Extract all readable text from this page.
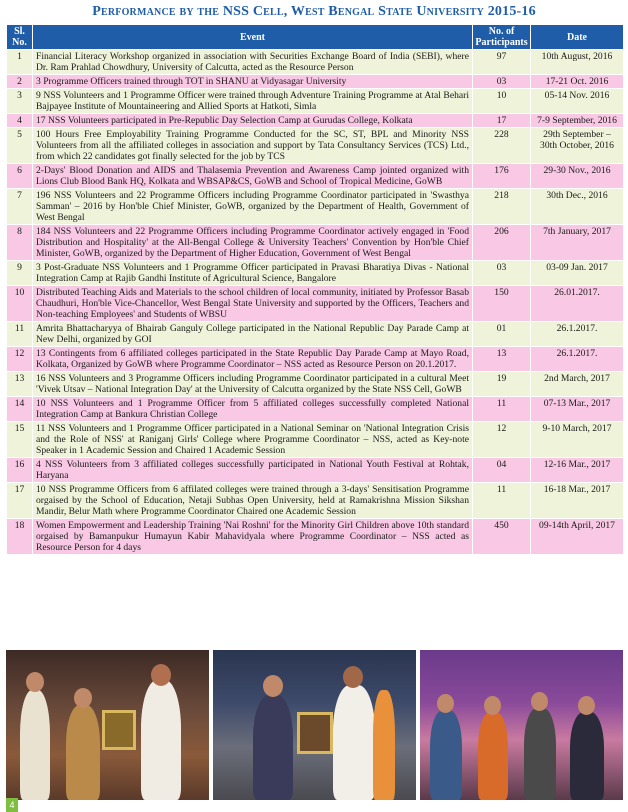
Performance by the NSS Cell, West Bengal State University 2015-16
Sl. No.	Event	No. of Participants	Date
1	Financial Literacy Workshop organized in association with Securities Exchange Board of India (SEBI), where Dr. Ram Prahlad Chowdhury, University of Calcutta, acted as the Resource Person	97	10th August, 2016
2	3 Programme Officers trained through TOT in SHANU at Vidyasagar University	03	17-21 Oct. 2016
3	9 NSS Volunteers and 1 Programme Officer were trained through Adventure Training Programme at Atal Behari Bajpayee Institute of Mountaineering and Allied Sports at Hatkoti, Simla	10	05-14 Nov. 2016
4	17 NSS Volunteers participated in Pre-Republic Day Selection Camp at Gurudas College, Kolkata	17	7-9 September, 2016
5	100 Hours Free Employability Training Programme Conducted for the SC, ST, BPL and Minority NSS Volunteers from all the affiliated colleges in association and support by Tata Consultancy Services (TCS) Ltd., from which 22 candidates got finally selected for the job by TCS	228	29th September – 30th October, 2016
6	2-Days' Blood Donation and AIDS and Thalasemia Prevention and Awareness Camp jointed organized with Lions Club Blood Bank HQ, Kolkata and WBSAP&CS, GoWB and School of Tropical Medicine, GoWB	176	29-30 Nov., 2016
7	196 NSS Volunteers and 22 Programme Officers including Programme Coordinator participated in 'Swasthya Samman' – 2016 by Hon'ble Chief Minister, GoWB, organized by the Department of Health, Government of West Bengal	218	30th Dec., 2016
8	184 NSS Volunteers and 22 Programme Officers including Programme Coordinator actively engaged in 'Food Distribution and Hospitality' at the All-Bengal College & University Teachers' Convention by Hon'ble Chief Minister, GoWB, organized by the Department of Higher Education, Government of West Bengal	206	7th January, 2017
9	3 Post-Graduate NSS Volunteers and 1 Programme Officer participated in Pravasi Bharatiya Divas - National Integration Camp at Rajib Gandhi Institute of Agricultural Science, Bangalore	03	03-09 Jan. 2017
10	Distributed Teaching Aids and Materials to the school children of local community, initiated by Professor Basab Chaudhuri, Hon'ble Vice-Chancellor, West Bengal State University and supported by the Officers, Teachers and Non-teaching Employees' and Students of WBSU	150	26.01.2017.
11	Amrita Bhattacharyya of Bhairab Ganguly College participated in the National Republic Day Parade Camp at New Delhi, organized by GOI	01	26.1.2017.
12	13 Contingents from 6 affiliated colleges participated in the State Republic Day Parade Camp at Mayo Road, Kolkata, Organized by GoWB where Programme Coordinator – NSS acted as Resource Person on 20.1.2017.	13	26.1.2017.
13	16 NSS Volunteers and 3 Programme Officers including Programme Coordinator participated in a cultural Meet 'Vivek Utsav – National Integration Day' at the University of Calcutta organized by the State NSS Cell, GoWB	19	2nd March, 2017
14	10 NSS Volunteers and 1 Programme Officer from 5 affiliated colleges successfully completed National Integration Camp at Bankura Christian College	11	07-13 Mar., 2017
15	11 NSS Volunteers and 1 Programme Officer participated in a National Seminar on 'National Integration Crisis and the Role of NSS' at Raniganj Girls' College where Programme Coordinator – NSS, acted as Key-note Speaker in 1 Academic Session and Chaired 1 Academic Session	12	9-10 March, 2017
16	4 NSS Volunteers from 3 affiliated colleges successfully participated in National Youth Festival at Rohtak, Haryana	04	12-16 Mar., 2017
17	10 NSS Programme Officers from 6 affilated colleges were trained through a 3-days' Sensitisation Programme orgaised by the School of Education, Netaji Subhas Open University, held at Ramakrishna Mission Sikshan Mandir, Belur Math where Programme Coordinator Chaired one Academic Session	11	16-18 Mar., 2017
18	Women Empowerment and Leadership Training 'Nai Roshni' for the Minority Girl Children above 10th standard orgaised by Bamanpukur Humayun Kabir Mahavidyala where Programme Coordinator – NSS acted as Resource Person for 4 days	450	09-14th April, 2017
4
